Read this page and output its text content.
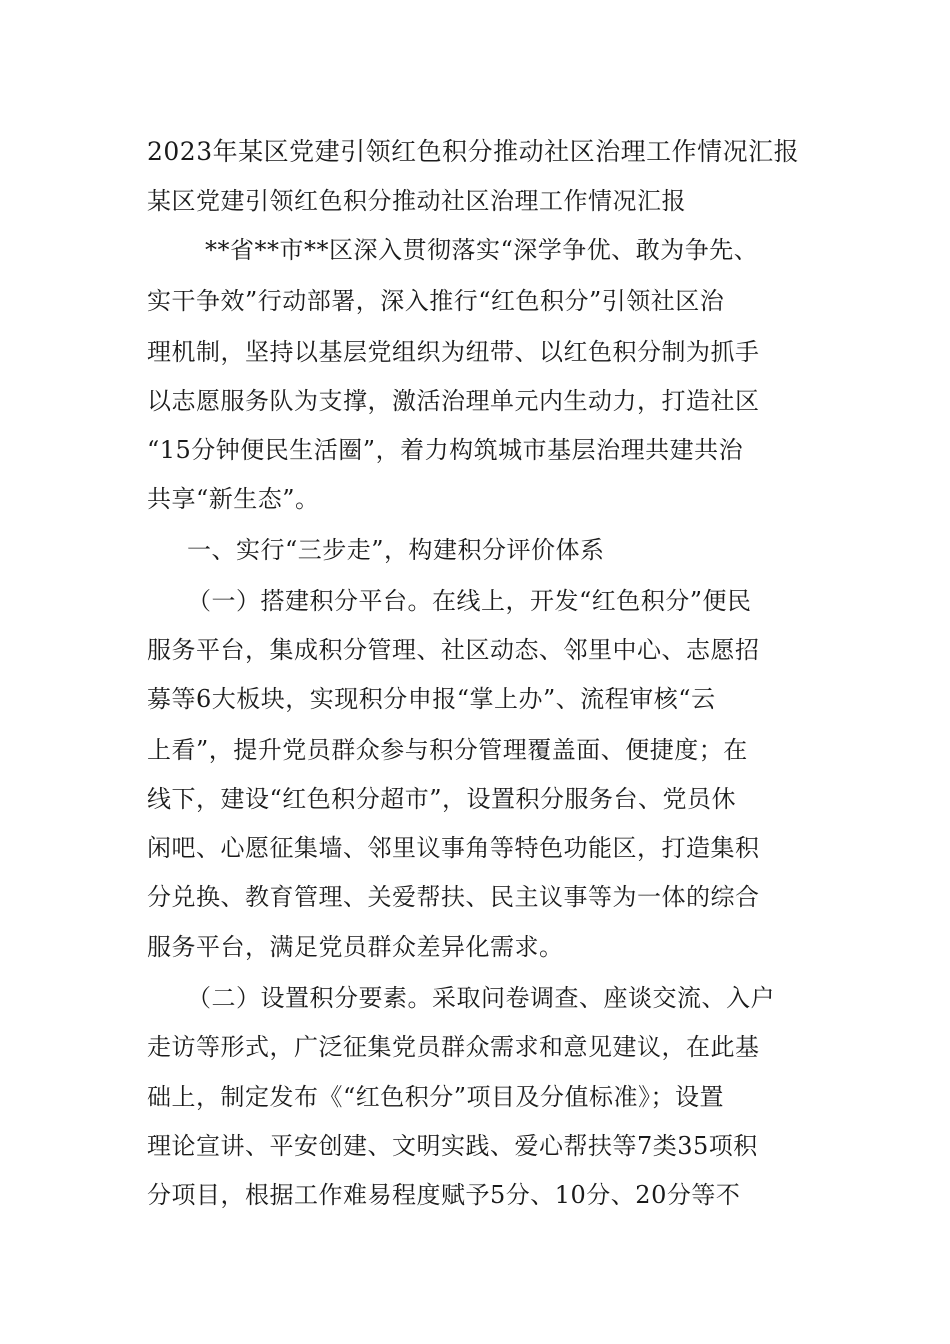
2023年某区党建引领红色积分推动社区治理工作情况汇报
某区党建引领红色积分推动社区治理工作情况汇报
**省**市**区深入贯彻落实“深学争优、敢为争先、
实干争效”行动部署，深入推行“红色积分”引领社区治
理机制，坚持以基层党组织为纽带、以红色积分制为抓手
以志愿服务队为支撑，激活治理单元内生动力，打造社区
“15分钟便民生活圈”，着力构筑城市基层治理共建共治
共享“新生态”。
一、实行“三步走”，构建积分评价体系
（一）搭建积分平台。在线上，开发“红色积分”便民
服务平台，集成积分管理、社区动态、邻里中心、志愿招
募等6大板块，实现积分申报“掌上办”、流程审核“云
上看”，提升党员群众参与积分管理覆盖面、便捷度；在
线下，建设“红色积分超市”，设置积分服务台、党员休
闲吧、心愿征集墙、邻里议事角等特色功能区，打造集积
分兑换、教育管理、关爱帮扶、民主议事等为一体的综合
服务平台，满足党员群众差异化需求。
（二）设置积分要素。采取问卷调查、座谈交流、入户
走访等形式，广泛征集党员群众需求和意见建议，在此基
础上，制定发布《“红色积分”项目及分值标准》；设置
理论宣讲、平安创建、文明实践、爱心帮扶等7类35项积
分项目，根据工作难易程度赋予5分、10分、20分等不
